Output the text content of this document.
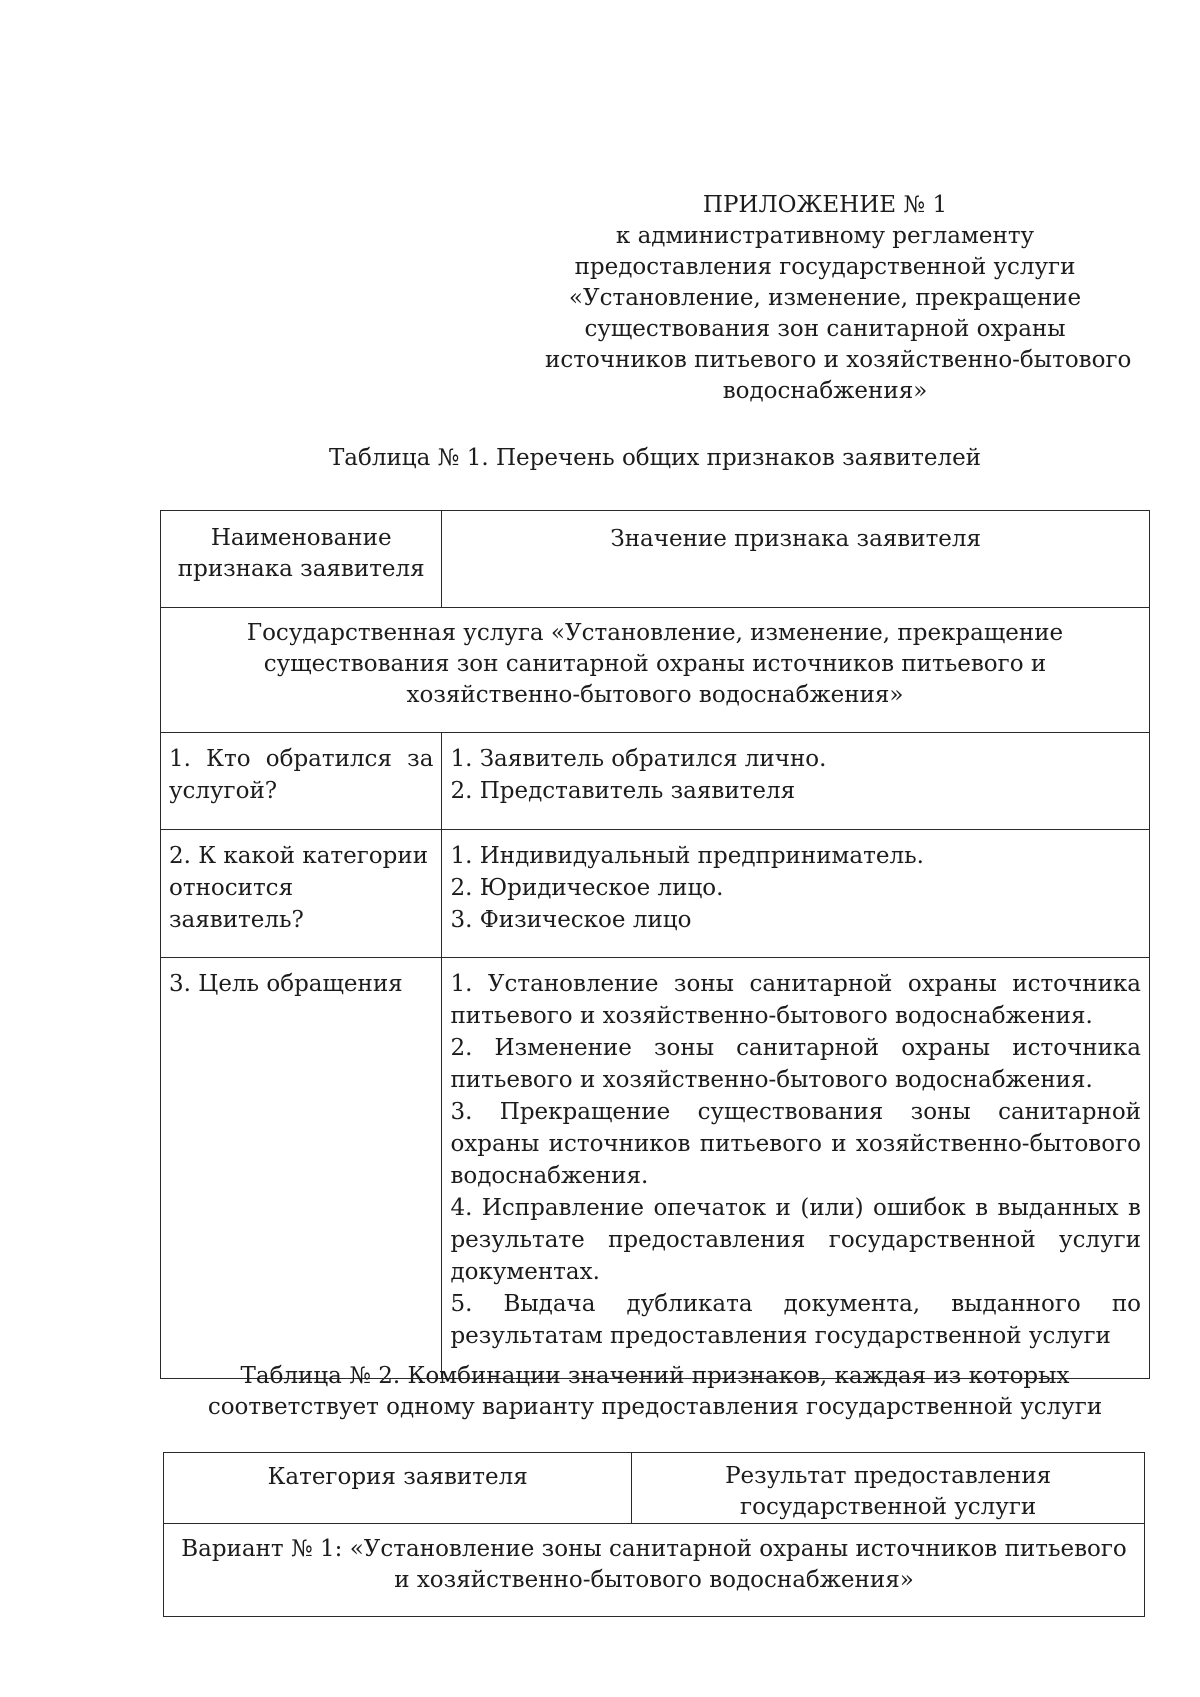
ПРИЛОЖЕНИЕ № 1
к административному регламенту
предоставления государственной услуги
«Установление, изменение, прекращение
существования зон санитарной охраны
источников питьевого и хозяйственно-бытового
водоснабжения»
Таблица № 1. Перечень общих признаков заявителей
Наименование признака заявителя	Значение признака заявителя
Государственная услуга «Установление, изменение, прекращение существования зон санитарной охраны источников питьевого и хозяйственно-бытового водоснабжения»	
1. Кто обратился за услугой?	1. Заявитель обратился лично.
2. Представитель заявителя

2. К какой категории относится заявитель?	1. Индивидуальный предприниматель.
2. Юридическое лицо.
3. Физическое лицо

3. Цель обращения	1. Установление зоны санитарной охраны источника питьевого и хозяйственно-бытового водоснабжения.
2. Изменение зоны санитарной охраны источника питьевого и хозяйственно-бытового водоснабжения.
3. Прекращение существования зоны санитарной охраны источников питьевого и хозяйственно-бытового водоснабжения.
4. Исправление опечаток и (или) ошибок в выданных в результате предоставления государственной услуги документах.
5. Выдача дубликата документа, выданного по результатам предоставления государственной услуги
Таблица № 2. Комбинации значений признаков, каждая из которых
соответствует одному варианту предоставления государственной услуги
Категория заявителя	Результат предоставления государственной услуги
Вариант № 1: «Установление зоны санитарной охраны источников питьевого и хозяйственно-бытового водоснабжения»
